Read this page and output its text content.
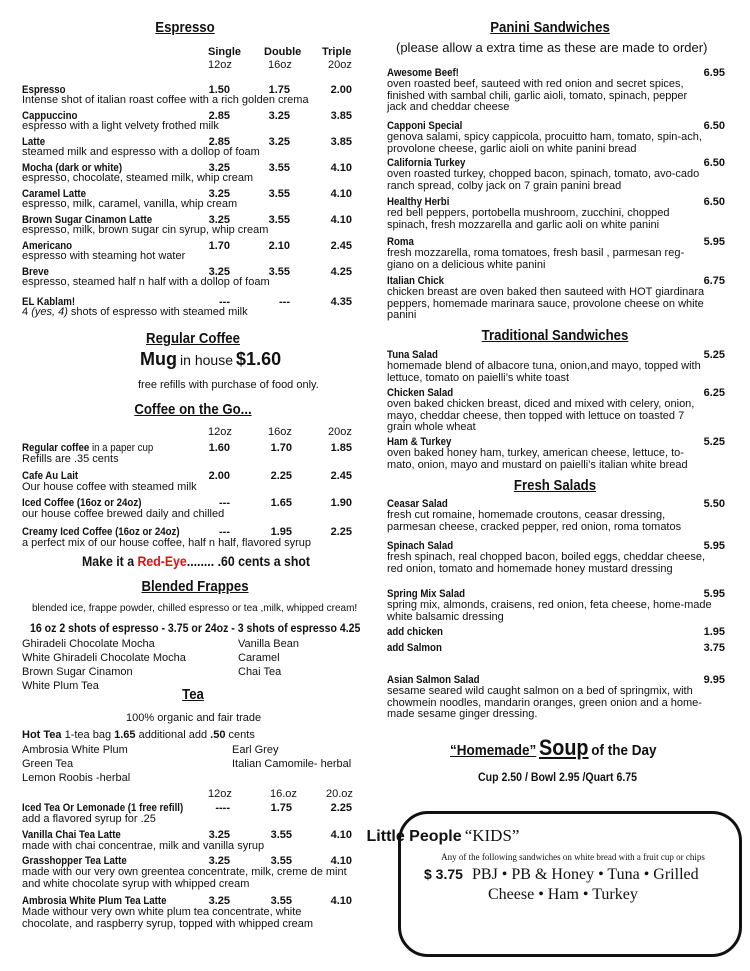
Espresso
Single Double Triple
12oz	16oz	20oz
Regular Coffee
Mug in house $1.60
free refills with purchase of food only.
Coffee on the Go...
12oz	16oz	20oz
Make it a Red-Eye........ .60 cents a shot
Blended Frappes
blended ice, frappe powder, chilled espresso or tea ,milk, whipped cream!
16 oz 2 shots of espresso - 3.75 or 24oz - 3 shots of espresso 4.25
Tea
100% organic and fair trade
Hot Tea 1-tea bag 1.65 additional add .50 cents
12oz	16.oz	20.oz
Panini Sandwiches
(please allow a extra time as these are made to order)
Traditional Sandwiches
Fresh Salads
“Homemade” Soup of the Day
Cup 2.50 / Bowl 2.95 /Quart 6.75
Little People “KIDS”
Any of the following sandwiches on white bread with a fruit cup or chips
$ 3.75 PBJ • PB & Honey • Tuna • Grilled
Cheese • Ham • Turkey
Espresso	1.50	1.75	2.00
Intense shot of italian roast coffee with a rich golden crema
Cappuccino	2.85	3.25	3.85
espresso with a light velvety frothed milk
Latte	2.85	3.25	3.85
steamed milk and espresso with a dollop of foam
Mocha (dark or white)	3.25	3.55	4.10
espresso, chocolate, steamed milk, whip cream
Caramel Latte	3.25	3.55	4.10
espresso, milk, caramel, vanilla, whip cream
Brown Sugar Cinamon Latte	3.25	3.55	4.10
espresso, milk, brown sugar cin syrup, whip cream
Americano	1.70	2.10	2.45
espresso with steaming hot water
Breve	3.25	3.55	4.25
espresso, steamed half n half with a dollop of foam
EL Kablam!	---	---	4.35
4 (yes, 4) shots of espresso with steamed milk
Regular coffee in a paper cup	1.60	1.70	1.85
Refills are .35 cents
Cafe Au Lait	2.00	2.25	2.45
Our house coffee with steamed milk
Iced Coffee (16oz or 24oz)	---	1.65	1.90
our house coffee brewed daily and chilled
Creamy Iced Coffee (16oz or 24oz)	---	1.95	2.25
a perfect mix of our house coffee, half n half, flavored syrup
Ghiradeli Chocolate Mocha
White Ghiradeli Chocolate Mocha
Brown Sugar Cinamon
White Plum Tea
Vanilla Bean
Caramel
Chai Tea
Ambrosia White Plum
Green Tea
Lemon Roobis -herbal
Earl Grey
Italian Camomile- herbal
Iced Tea Or Lemonade (1 free refill)	----	1.75	2.25
add a flavored syrup for .25
Vanilla Chai Tea Latte	3.25	3.55	4.10
made with chai concentrae, milk and vanilla syrup
Grasshopper Tea Latte	3.25	3.55	4.10
made with our very own greentea concentrate, milk, creme de mint and white chocolate syrup with whipped cream
Ambrosia White Plum Tea Latte	3.25	3.55	4.10
Made withour very own white plum tea concentrate, white chocolate, and raspberry syrup, topped with whipped cream
Awesome Beef!	6.95
oven roasted beef, sauteed with red onion and secret spices, finished with sambal chili, garlic aioli, tomato, spinach, pepper jack and cheddar cheese
Capponi Special	6.50
genova salami, spicy cappicola, procuitto ham, tomato, spin-ach, provolone cheese, garlic aioli on white panini bread
California Turkey	6.50
oven roasted turkey, chopped bacon, spinach, tomato, avo-cado ranch spread, colby jack on 7 grain panini bread
Healthy Herbi	6.50
red bell peppers, portobella mushroom, zucchini, chopped spinach, fresh mozzarella and garlic aoli on white panini
Roma	5.95
fresh mozzarella, roma tomatoes, fresh basil , parmesan reg-giano on a delicious white panini
Italian Chick	6.75
chicken breast are oven baked then sauteed with HOT giardinara peppers, homemade marinara sauce, provolone cheese on white panini
Tuna Salad	5.25
homemade blend of albacore tuna, onion,and mayo, topped with lettuce, tomato on paielli’s white toast
Chicken Salad	6.25
oven baked chicken breast, diced and mixed with celery, onion, mayo, cheddar cheese, then topped with lettuce on toasted 7 grain whole wheat
Ham & Turkey	5.25
oven baked honey ham, turkey, american cheese, lettuce, to-mato, onion, mayo and mustard on paielli’s italian white bread
Ceasar Salad	5.50
fresh cut romaine, homemade croutons, ceasar dressing, parmesan cheese, cracked pepper, red onion, roma tomatos
Spinach Salad	5.95
fresh spinach, real chopped bacon, boiled eggs, cheddar cheese, red onion, tomato and homemade honey mustard dressing
Spring Mix Salad	5.95
spring mix, almonds, craisens, red onion, feta cheese, home-made white balsamic dressing
add chicken	1.95
add Salmon	3.75
Asian Salmon Salad	9.95
sesame seared wild caught salmon on a bed of springmix, with chowmein noodles, mandarin oranges, green onion and a home-made sesame ginger dressing.
